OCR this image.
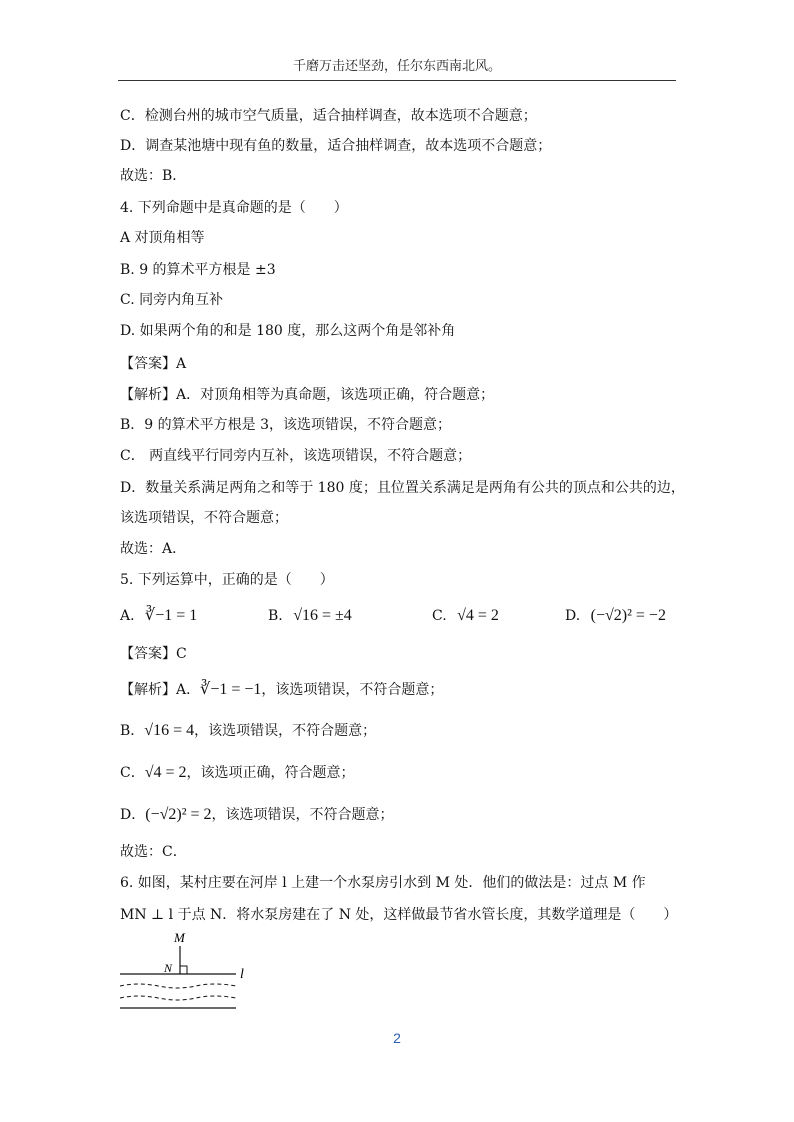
千磨万击还坚劲，任尔东西南北风。
C．检测台州的城市空气质量，适合抽样调查，故本选项不合题意；
D．调查某池塘中现有鱼的数量，适合抽样调查，故本选项不合题意；
故选：B．
4. 下列命题中是真命题的是（　　）
A 对顶角相等
B. 9 的算术平方根是 ±3
C. 同旁内角互补
D. 如果两个角的和是 180 度，那么这两个角是邻补角
【答案】A
【解析】A．对顶角相等为真命题，该选项正确，符合题意；
B．9 的算术平方根是 3，该选项错误，不符合题意；
C． 两直线平行同旁内互补，该选项错误，不符合题意；
D．数量关系满足两角之和等于 180 度；且位置关系满足是两角有公共的顶点和公共的边，
该选项错误，不符合题意；
故选：A．
5. 下列运算中，正确的是（　　）
A. ∛−1 = 1	B. √16 = ±4	C. √4 = 2	D. (−√2)² = −2
【答案】C
【解析】A．∛−1 = −1，该选项错误，不符合题意；
B．√16 = 4，该选项错误，不符合题意；
C．√4 = 2，该选项正确，符合题意；
D．(−√2)² = 2，该选项错误，不符合题意；
故选：C．
6. 如图，某村庄要在河岸 l 上建一个水泵房引水到 M 处．他们的做法是：过点 M 作
MN ⊥ l 于点 N．将水泵房建在了 N 处，这样做最节省水管长度，其数学道理是（　　）
M
N	l
2
